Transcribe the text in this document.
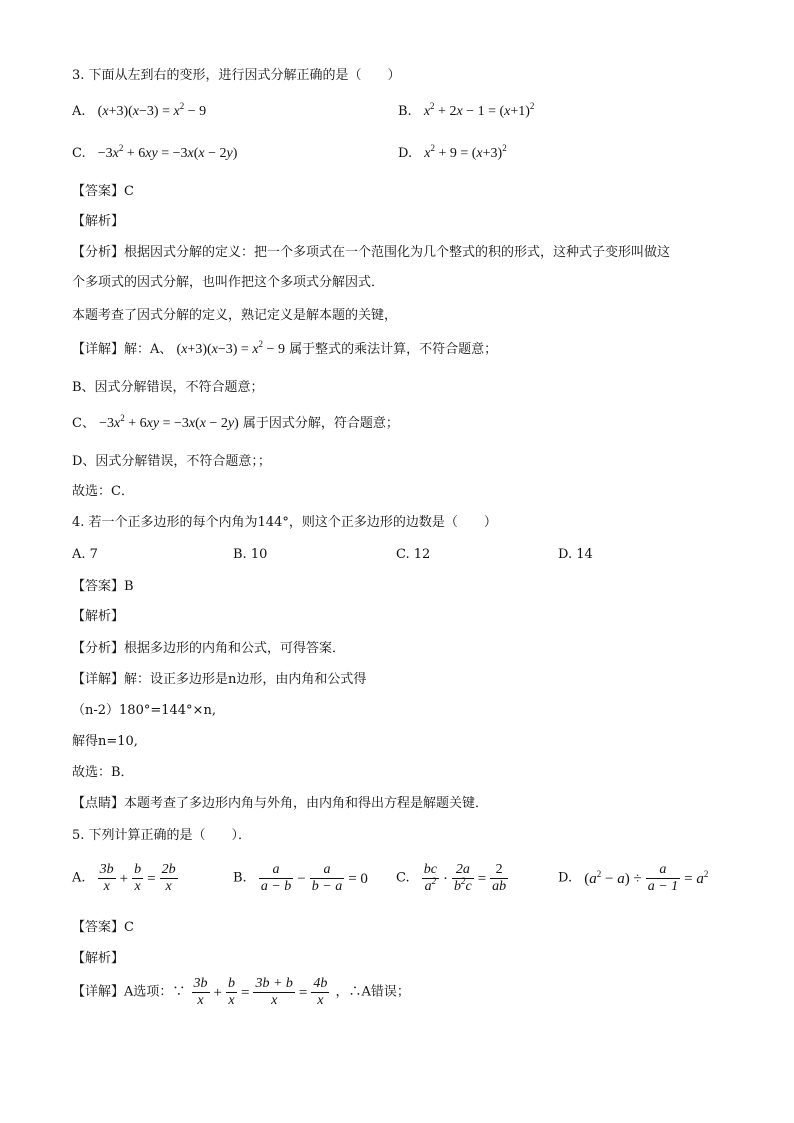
3. 下面从左到右的变形，进行因式分解正确的是（　　）
A. $(x+3)(x-3) = x^2 - 9$	B. $x^2 + 2x - 1 = (x+1)^2$
C. $-3x^2 + 6xy = -3x(x - 2y)$	D. $x^2 + 9 = (x+3)^2$
【答案】C
【解析】
【分析】根据因式分解的定义：把一个多项式在一个范围化为几个整式的积的形式，这种式子变形叫做这
个多项式的因式分解，也叫作把这个多项式分解因式．
本题考查了因式分解的定义，熟记定义是解本题的关键，
【详解】解：A、 $(x+3)(x-3) = x^2 - 9$ 属于整式的乘法计算，不符合题意；
B、因式分解错误，不符合题意；
C、 $-3x^2 + 6xy = -3x(x - 2y)$ 属于因式分解，符合题意；
D、因式分解错误，不符合题意；；
故选：C．
4. 若一个正多边形的每个内角为144°，则这个正多边形的边数是（　　）
A. 7	B. 10	C. 12	D. 14
【答案】B
【解析】
【分析】根据多边形的内角和公式，可得答案．
【详解】解：设正多边形是n边形，由内角和公式得
（n-2）180°=144°×n,
解得n=10,
故选：B．
【点睛】本题考查了多边形内角与外角，由内角和得出方程是解题关键．
5. 下列计算正确的是（　　）．
A. $\frac{3b}{x} + \frac{b}{x} = \frac{2b}{x}$	B. $\frac{a}{a - b} - \frac{a}{b - a} = 0$ C. $\frac{bc}{a^2} \cdot \frac{2a}{b^2c} = \frac{2}{ab}$	D. $(a^2 - a) \div \frac{a}{a - 1} = a^2$
【答案】C
【解析】
【详解】A选项：∵ $\frac{3b}{x} + \frac{b}{x} = \frac{3b + b}{x} = \frac{4b}{x}$ ，∴A错误；
